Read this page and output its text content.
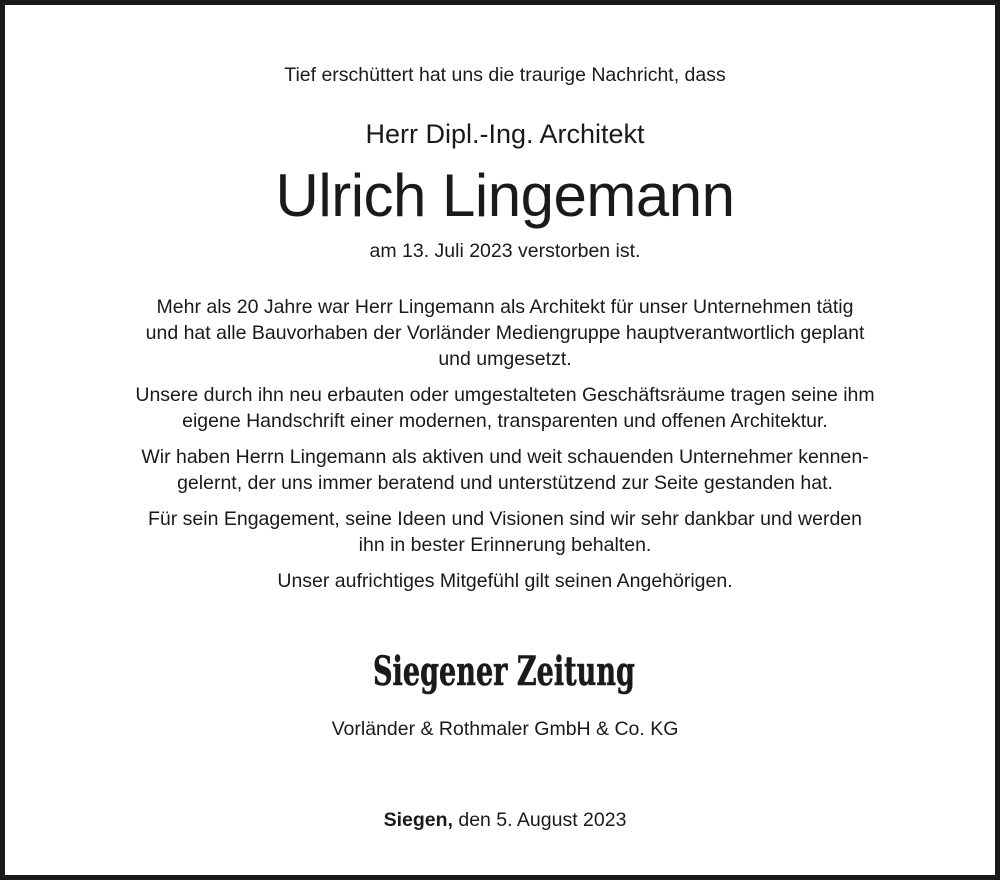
Tief erschüttert hat uns die traurige Nachricht, dass
Herr Dipl.-Ing. Architekt
Ulrich Lingemann
am 13. Juli 2023 verstorben ist.

Mehr als 20 Jahre war Herr Lingemann als Architekt für unser Unternehmen tätig
und hat alle Bauvorhaben der Vorländer Mediengruppe hauptverantwortlich geplant
und umgesetzt.

Unsere durch ihn neu erbauten oder umgestalteten Geschäftsräume tragen seine ihm
eigene Handschrift einer modernen, transparenten und offenen Architektur.

Wir haben Herrn Lingemann als aktiven und weit schauenden Unternehmer kennen-
gelernt, der uns immer beratend und unterstützend zur Seite gestanden hat.

Für sein Engagement, seine Ideen und Visionen sind wir sehr dankbar und werden
ihn in bester Erinnerung behalten.

Unser aufrichtiges Mitgefühl gilt seinen Angehörigen.

Siegener Zeitung
Vorländer & Rothmaler GmbH & Co. KG
Siegen, den 5. August 2023
